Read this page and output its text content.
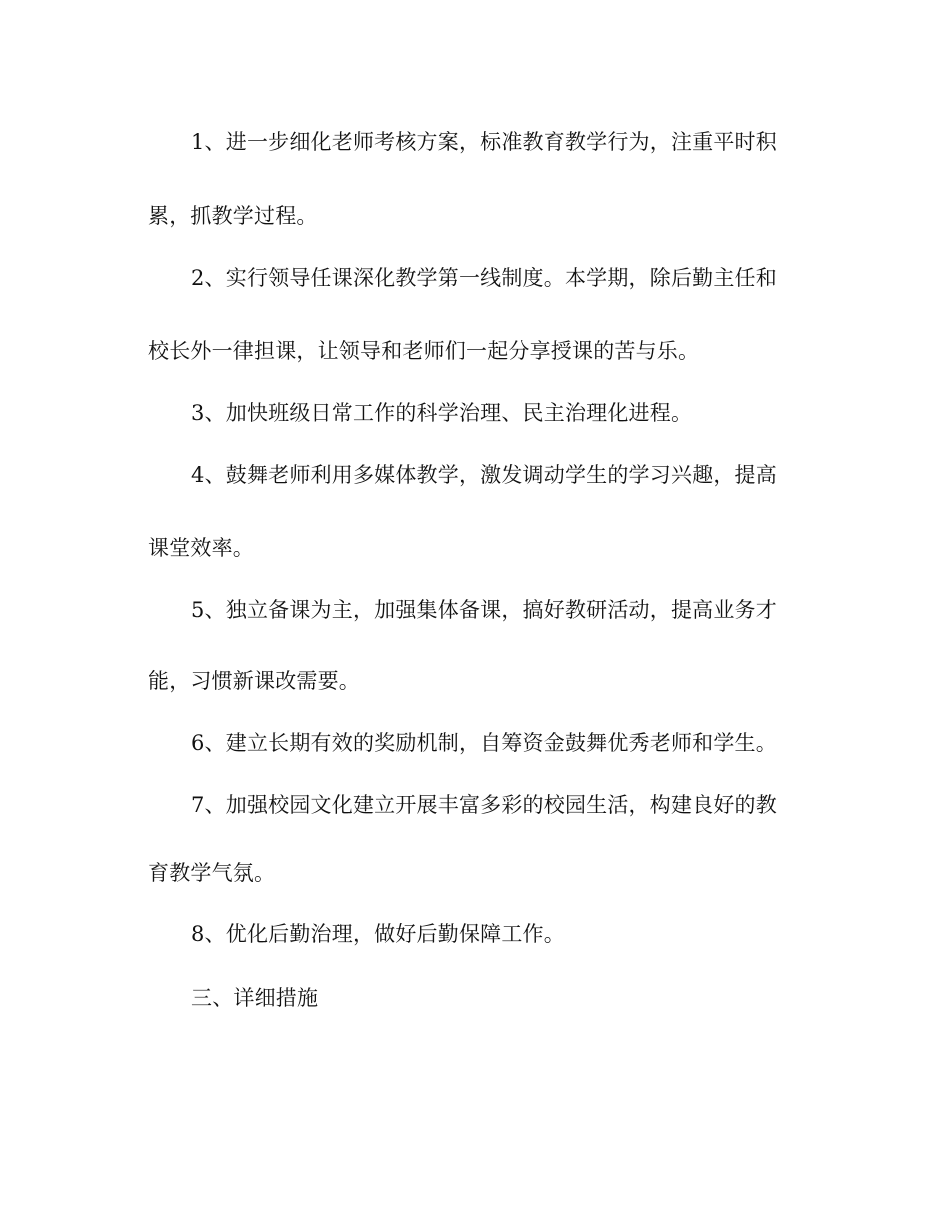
1、进一步细化老师考核方案，标准教育教学行为，注重平时积
累，抓教学过程。
2、实行领导任课深化教学第一线制度。本学期，除后勤主任和
校长外一律担课，让领导和老师们一起分享授课的苦与乐。
3、加快班级日常工作的科学治理、民主治理化进程。
4、鼓舞老师利用多媒体教学，激发调动学生的学习兴趣，提高
课堂效率。
5、独立备课为主，加强集体备课，搞好教研活动，提高业务才
能，习惯新课改需要。
6、建立长期有效的奖励机制，自筹资金鼓舞优秀老师和学生。
7、加强校园文化建立开展丰富多彩的校园生活，构建良好的教
育教学气氛。
8、优化后勤治理，做好后勤保障工作。
三、详细措施
